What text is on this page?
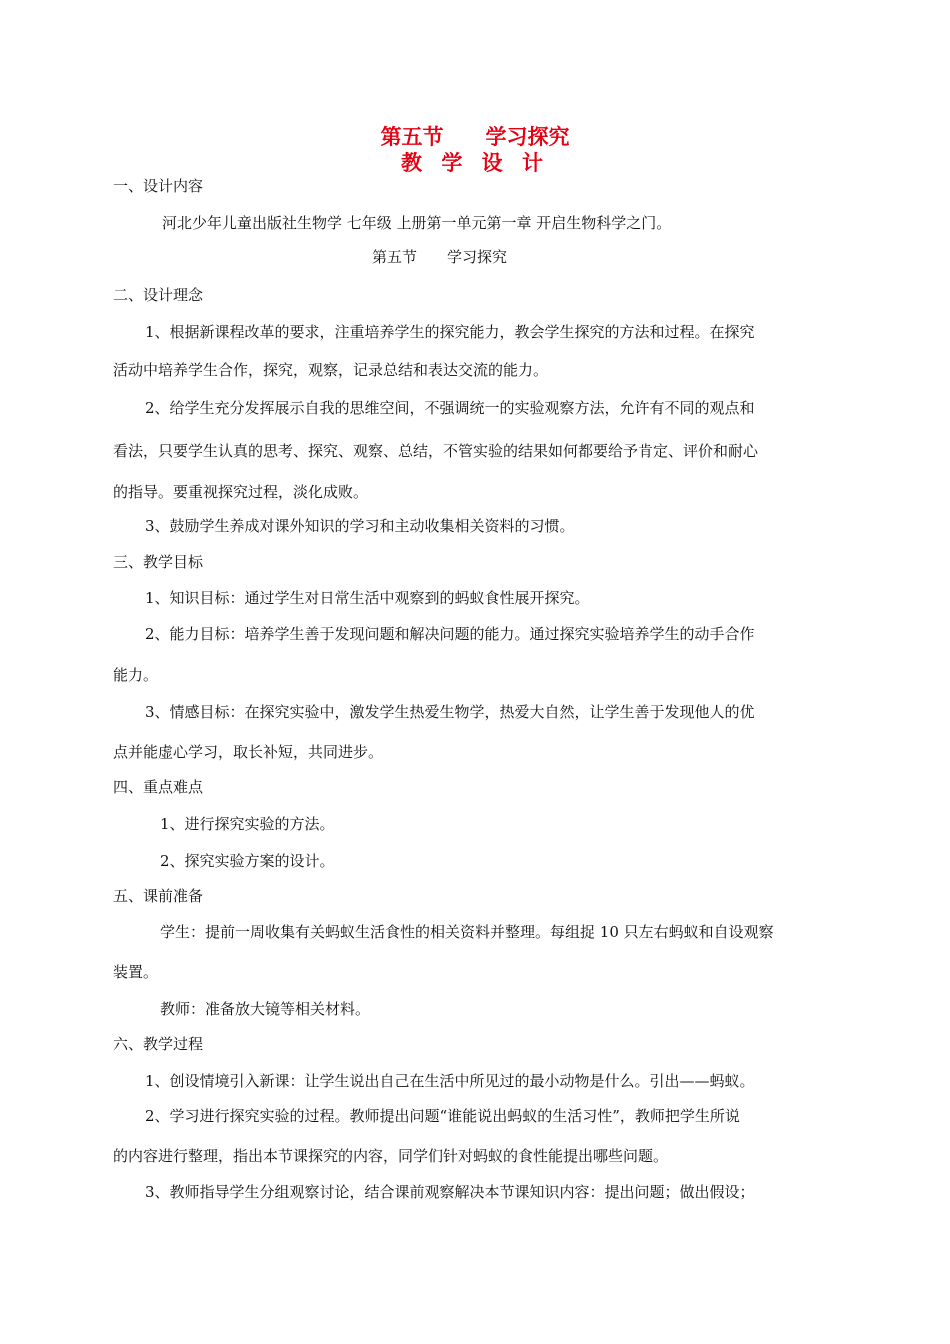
第五节　　学习探究
教 学 设 计
一、设计内容
河北少年儿童出版社生物学 七年级 上册第一单元第一章 开启生物科学之门。
第五节　　学习探究
二、设计理念
1、根据新课程改革的要求，注重培养学生的探究能力，教会学生探究的方法和过程。在探究
活动中培养学生合作，探究，观察，记录总结和表达交流的能力。
2、给学生充分发挥展示自我的思维空间，不强调统一的实验观察方法，允许有不同的观点和
看法，只要学生认真的思考、探究、观察、总结，不管实验的结果如何都要给予肯定、评价和耐心
的指导。要重视探究过程，淡化成败。
3、鼓励学生养成对课外知识的学习和主动收集相关资料的习惯。
三、教学目标
1、知识目标：通过学生对日常生活中观察到的蚂蚁食性展开探究。
2、能力目标：培养学生善于发现问题和解决问题的能力。通过探究实验培养学生的动手合作
能力。
3、情感目标：在探究实验中，激发学生热爱生物学，热爱大自然，让学生善于发现他人的优
点并能虚心学习，取长补短，共同进步。
四、重点难点
1、进行探究实验的方法。
2、探究实验方案的设计。
五、课前准备
学生：提前一周收集有关蚂蚁生活食性的相关资料并整理。每组捉 10 只左右蚂蚁和自设观察
装置。
教师：准备放大镜等相关材料。
六、教学过程
1、创设情境引入新课：让学生说出自己在生活中所见过的最小动物是什么。引出——蚂蚁。
2、学习进行探究实验的过程。教师提出问题“谁能说出蚂蚁的生活习性”，教师把学生所说
的内容进行整理，指出本节课探究的内容，同学们针对蚂蚁的食性能提出哪些问题。
3、教师指导学生分组观察讨论，结合课前观察解决本节课知识内容：提出问题；做出假设；
